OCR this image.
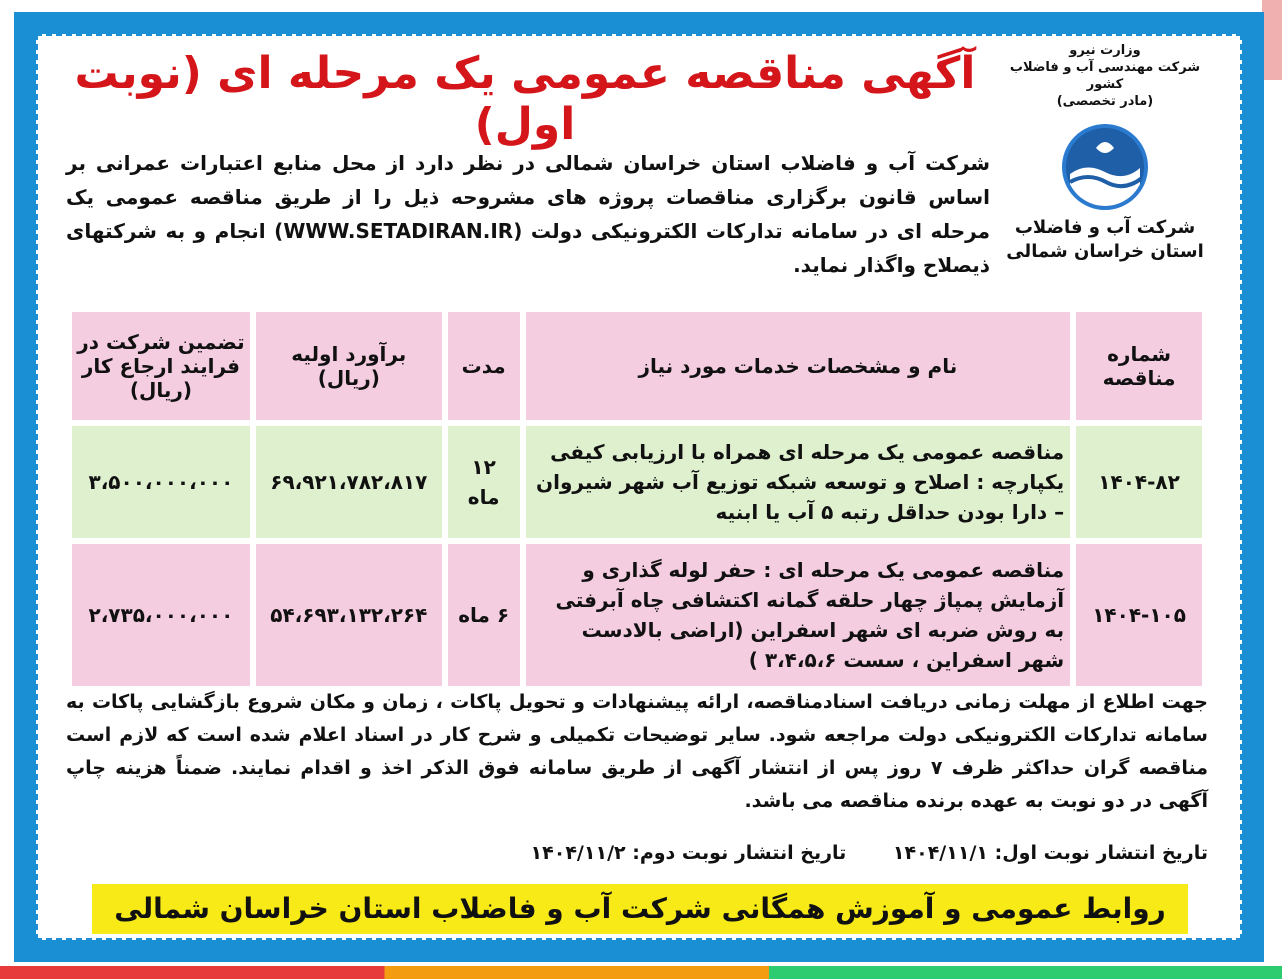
آگهی مناقصه عمومی یک مرحله ای (نوبت اول)
وزارت نیرو
شرکت مهندسی آب و فاضلاب کشور
(مادر تخصصی)
شرکت آب و فاضلاب
استان خراسان شمالی
شرکت آب و فاضلاب استان خراسان شمالی در نظر دارد از محل منابع اعتبارات عمرانی بر اساس قانون برگزاری مناقصات پروژه های مشروحه ذیل را از طریق مناقصه عمومی یک مرحله ای در سامانه تدارکات الکترونیکی دولت (WWW.SETADIRAN.IR) انجام و به شرکتهای ذیصلاح واگذار نماید.
شماره مناقصه	نام و مشخصات خدمات مورد نیاز	مدت	برآورد اولیه (ریال)	تضمین شرکت در فرایند ارجاع کار (ریال)
۱۴۰۴-۸۲	مناقصه عمومی یک مرحله ای همراه با ارزیابی کیفی یکپارچه : اصلاح و توسعه شبکه توزیع آب شهر شیروان – دارا بودن حداقل رتبه ۵ آب یا ابنیه	۱۲ ماه	۶۹،۹۲۱،۷۸۲،۸۱۷	۳،۵۰۰،۰۰۰،۰۰۰
۱۴۰۴-۱۰۵	مناقصه عمومی یک مرحله ای : حفر لوله گذاری و آزمایش پمپاژ چهار حلقه گمانه اکتشافی چاه آبرفتی به روش ضربه ای شهر اسفراین (اراضی بالادست شهر اسفراین ، سست ۳،۴،۵،۶ )	۶ ماه	۵۴،۶۹۳،۱۳۲،۲۶۴	۲،۷۳۵،۰۰۰،۰۰۰
جهت اطلاع از مهلت زمانی دریافت اسنادمناقصه، ارائه پیشنهادات و تحویل پاکات ، زمان و مکان شروع بازگشایی پاکات به سامانه تدارکات الکترونیکی دولت مراجعه شود. سایر توضیحات تکمیلی و شرح کار در اسناد اعلام شده است که لازم است مناقصه گران حداکثر ظرف ۷ روز پس از انتشار آگهی از طریق سامانه فوق الذکر اخذ و اقدام نمایند. ضمناً هزینه چاپ آگهی در دو نوبت به عهده برنده مناقصه می باشد.
تاریخ انتشار نوبت اول: ۱۴۰۴/۱۱/۱ تاریخ انتشار نوبت دوم: ۱۴۰۴/۱۱/۲
روابط عمومی و آموزش همگانی شرکت آب و فاضلاب استان خراسان شمالی
